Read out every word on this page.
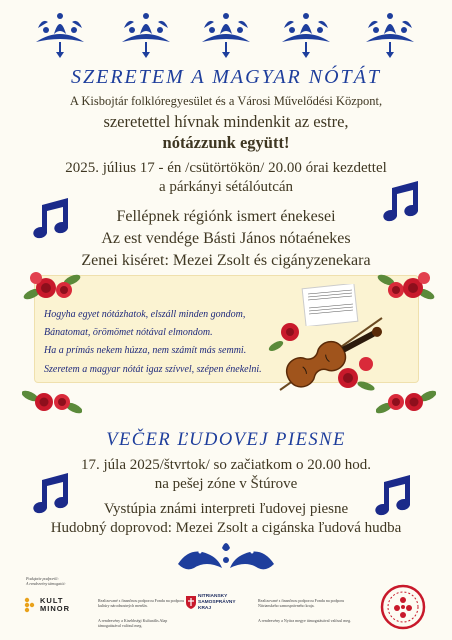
SZERETEM A MAGYAR NÓTÁT
A Kisbojtár folklóregyesület és a Városi Művelődési Központ,
szeretettel hívnak mindenkit az estre,
nótázzunk együtt!
2025. július 17 - én /csütörtökön/ 20.00 órai kezdettel
a párkányi sétálóutcán
Fellépnek régiónk ismert énekesei
Az est vendége Básti János nótaénekes
Zenei kiséret: Mezei Zsolt és cigányzenekara
Hogyha egyet nótázhatok, elszáll minden gondom,
Bánatomat, örömömet nótával elmondom.
Ha a prímás nekem húzza, nem számít más semmi.
Szeretem a magyar nótát igaz szívvel, szépen énekelni.
VEČER ĽUDOVEJ PIESNE
17. júla 2025/štvrtok/ so začiatkom o 20.00 hod.
na pešej zóne v Štúrove
Vystúpia známi interpreti ľudovej piesne
Hudobný doprovod: Mezei Zsolt a cigánska ľudová hudba
Podujatie podporili:
A rendezvény támogatói:
KULT
MINOR
Realizované s finančnou podporou Fondu na podporu kultúry národnostných menšín.
A rendezvény a Kisebbségi Kulturális Alap támogatásával valósul meg.
NITRIANSKY
SAMOSPRÁVNY
KRAJ
Realizované s finančnou podporou Fondu na podporu Nitrianskeho samosprávneho kraja.
A rendezvény a Nyitra megye támogatásával valósul meg.
